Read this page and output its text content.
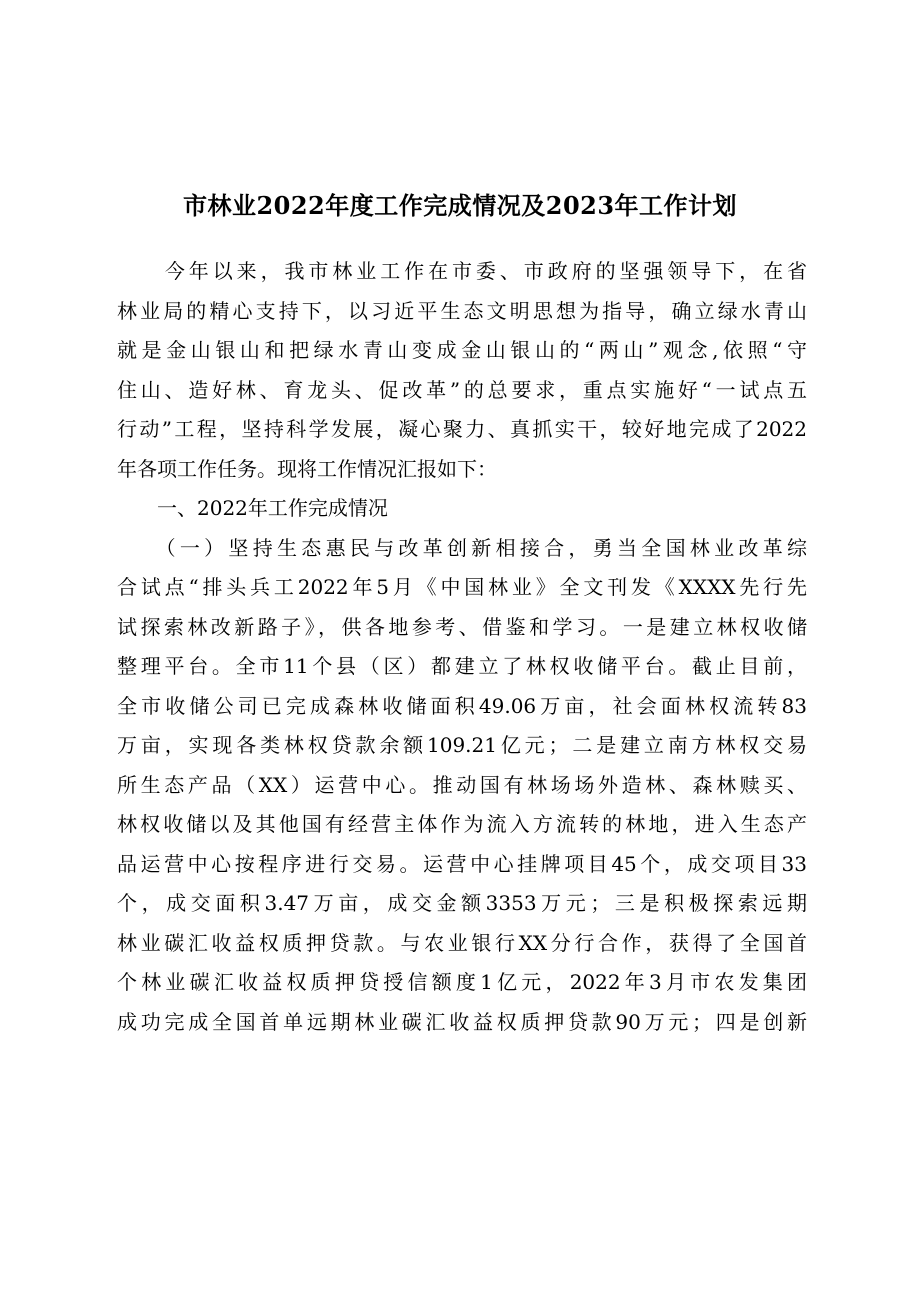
市林业2022年度工作完成情况及2023年工作计划
　　今年以来，我市林业工作在市委、市政府的坚强领导下，在省
林业局的精心支持下，以习近平生态文明思想为指导，确立绿水青山
就是金山银山和把绿水青山变成金山银山的“两山”观念,依照“守
住山、造好林、育龙头、促改革”的总要求，重点实施好“一试点五
行动”工程，坚持科学发展，凝心聚力、真抓实干，较好地完成了2022
年各项工作任务。现将工作情况汇报如下：
　　一、2022年工作完成情况
　　（一）坚持生态惠民与改革创新相接合，勇当全国林业改革综
合试点“排头兵工2022年5月《中国林业》全文刊发《XXXX先行先
试探索林改新路子》，供各地参考、借鉴和学习。一是建立林权收储
整理平台。全市11个县（区）都建立了林权收储平台。截止目前，
全市收储公司已完成森林收储面积49.06万亩，社会面林权流转83
万亩，实现各类林权贷款余额109.21亿元；二是建立南方林权交易
所生态产品（XX）运营中心。推动国有林场场外造林、森林赎买、
林权收储以及其他国有经营主体作为流入方流转的林地，进入生态产
品运营中心按程序进行交易。运营中心挂牌项目45个，成交项目33
个，成交面积3.47万亩，成交金额3353万元；三是积极探索远期
林业碳汇收益权质押贷款。与农业银行XX分行合作，获得了全国首
个林业碳汇收益权质押贷授信额度1亿元，2022年3月市农发集团
成功完成全国首单远期林业碳汇收益权质押贷款90万元；四是创新
